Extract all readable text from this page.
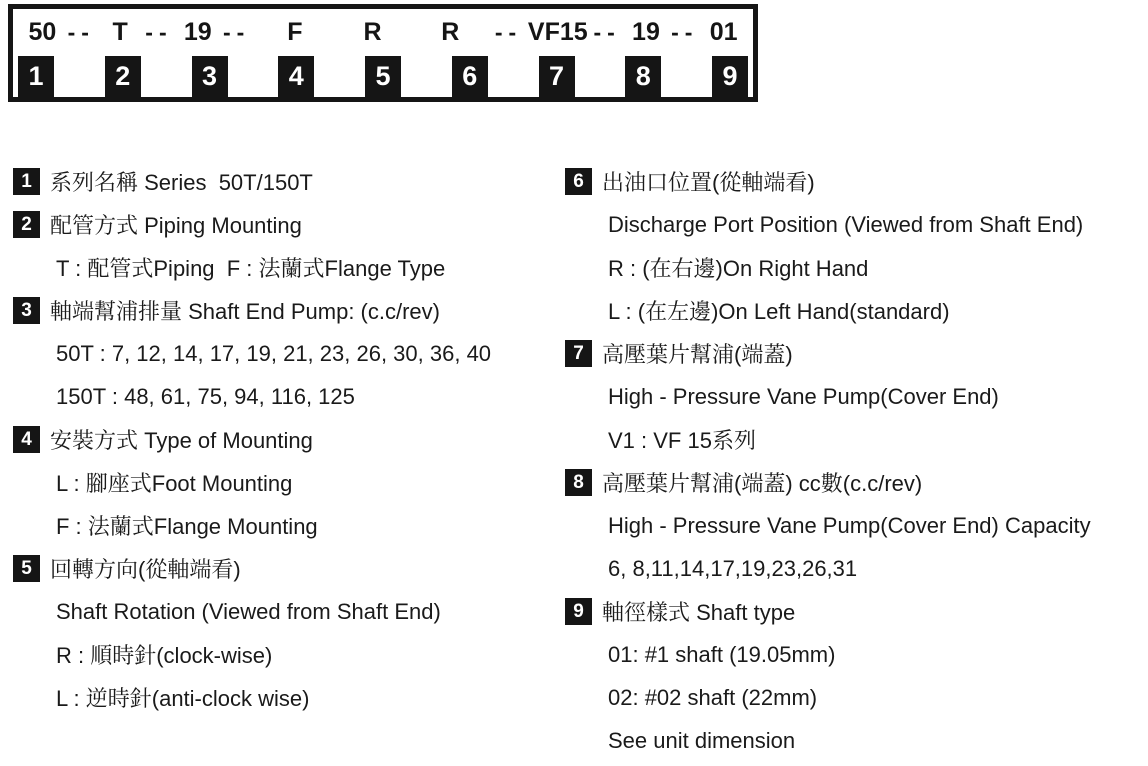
50 -- T -- 19 --	F	R	R	-- VF15 -- 19 -- 01
1	2	3	4	5	6	7	8	9
1 系列名稱 Series  50T/150T
2 配管方式 Piping Mounting
T : 配管式Piping  F : 法蘭式Flange Type
3 軸端幫浦排量 Shaft End Pump: (c.c/rev)
50T : 7, 12, 14, 17, 19, 21, 23, 26, 30, 36, 40
150T : 48, 61, 75, 94, 116, 125
4 安裝方式 Type of Mounting
L : 腳座式Foot Mounting
F : 法蘭式Flange Mounting
5 回轉方向(從軸端看)
Shaft Rotation (Viewed from Shaft End)
R : 順時針(clock-wise)
L : 逆時針(anti-clock wise)
6 出油口位置(從軸端看)
Discharge Port Position (Viewed from Shaft End)
R : (在右邊)On Right Hand
L : (在左邊)On Left Hand(standard)
7 高壓葉片幫浦(端蓋)
High - Pressure Vane Pump(Cover End)
V1 : VF 15系列
8 高壓葉片幫浦(端蓋) cc數(c.c/rev)
High - Pressure Vane Pump(Cover End) Capacity
6, 8,11,14,17,19,23,26,31
9 軸徑樣式 Shaft type
01: #1 shaft (19.05mm)
02: #02 shaft (22mm)
See unit dimension
